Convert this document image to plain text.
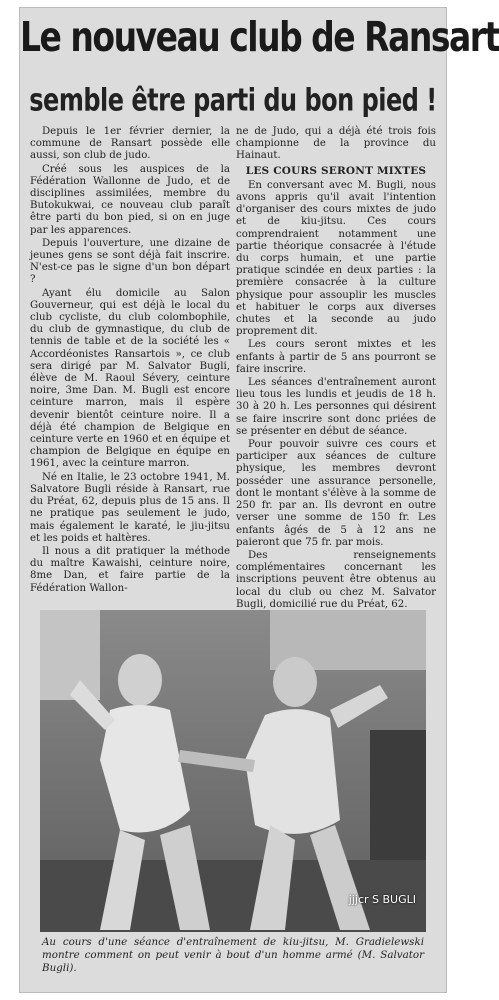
Le nouveau club de Ransart
semble être parti du bon pied !

Depuis le 1er février dernier, la commune de Ransart possède elle aussi, son club de judo.

Créé sous les auspices de la Fédération Wallonne de Judo, et de disciplines assimilées, membre du Butokukwai, ce nouveau club paraît être parti du bon pied, si on en juge par les apparences.

Depuis l'ouverture, une dizaine de jeunes gens se sont déjà fait inscrire. N'est-ce pas le signe d'un bon départ ?

Ayant élu domicile au Salon Gouverneur, qui est déjà le local du club cycliste, du club colombophile, du club de gymnastique, du club de tennis de table et de la société les « Accordéonistes Ransartois », ce club sera dirigé par M. Salvator Bugli, élève de M. Raoul Sévery, ceinture noire, 3me Dan. M. Bugli est encore ceinture marron, mais il espère devenir bientôt ceinture noire. Il a déjà été champion de Belgique en ceinture verte en 1960 et en équipe et champion de Belgique en équipe en 1961, avec la ceinture marron.

Né en Italie, le 23 octobre 1941, M. Salvatore Bugli réside à Ransart, rue du Préat, 62, depuis plus de 15 ans. Il ne pratique pas seulement le judo, mais également le karaté, le jiu-jitsu et les poids et haltères.

Il nous a dit pratiquer la méthode du maître Kawaishi, ceinture noire, 8me Dan, et faire partie de la Fédération Wallon-

ne de Judo, qui a déjà été trois fois championne de la province du Hainaut.

LES COURS SERONT MIXTES

En conversant avec M. Bugli, nous avons appris qu'il avait l'intention d'organiser des cours mixtes de judo et de kiu-jitsu. Ces cours comprendraient notamment une partie théorique consacrée à l'étude du corps humain, et une partie pratique scindée en deux parties : la première consacrée à la culture physique pour assouplir les muscles et habituer le corps aux diverses chutes et la seconde au judo proprement dit.

Les cours seront mixtes et les enfants à partir de 5 ans pourront se faire inscrire.

Les séances d'entraînement auront lieu tous les lundis et jeudis de 18 h. 30 à 20 h. Les personnes qui désirent se faire inscrire sont donc priées de se présenter en début de séance.

Pour pouvoir suivre ces cours et participer aux séances de culture physique, les membres devront posséder une assurance personelle, dont le montant s'élève à la somme de 250 fr. par an. Ils devront en outre verser une somme de 150 fr. Les enfants âgés de 5 à 12 ans ne paieront que 75 fr. par mois.

Des renseignements complémentaires concernant les inscriptions peuvent être obtenus au local du club ou chez M. Salvator Bugli, domicilié rue du Préat, 62.

jjjcr S BUGLI
Au cours d'une séance d'entraînement de kiu-jitsu, M. Gradielewski montre comment on peut venir à bout d'un homme armé (M. Salvator Bugli).
